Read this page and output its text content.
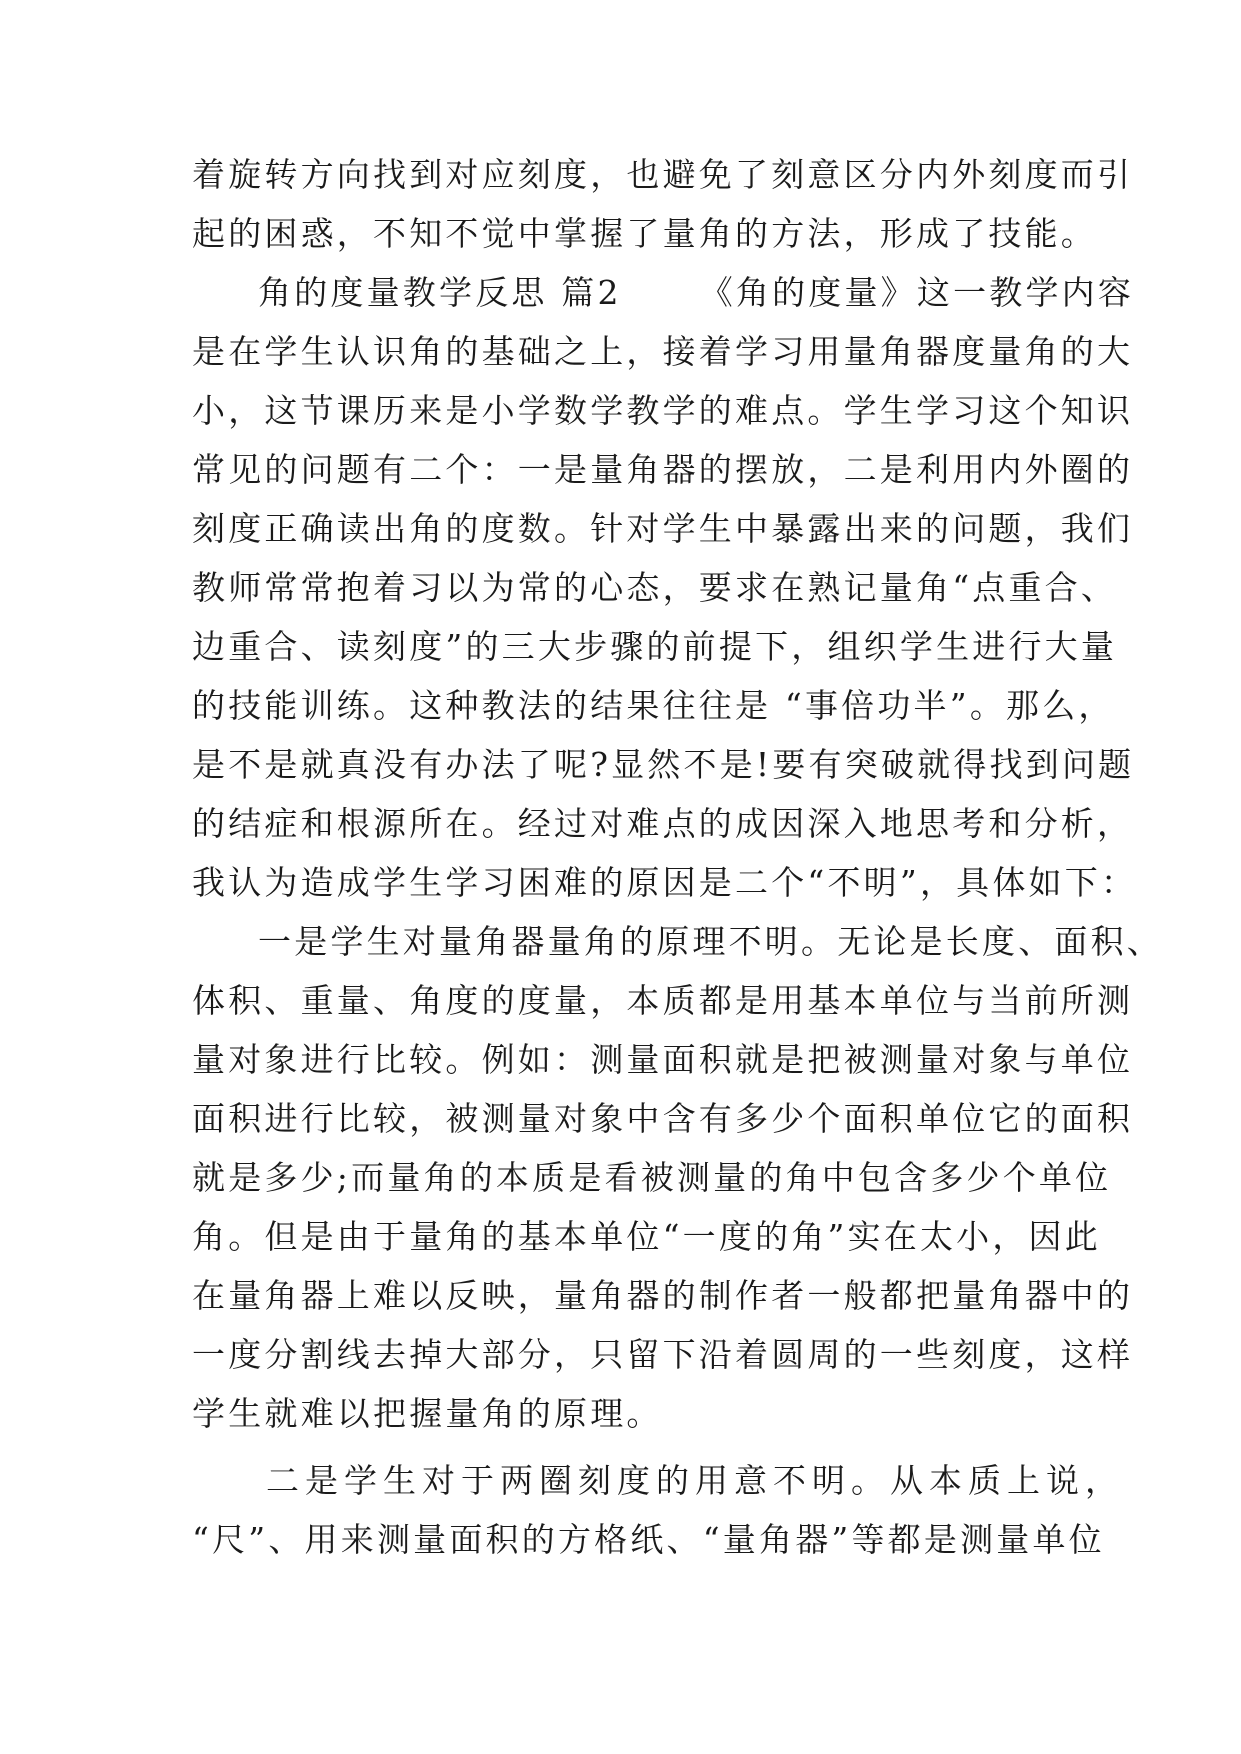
着旋转方向找到对应刻度，也避免了刻意区分内外刻度而引
起的困惑，不知不觉中掌握了量角的方法，形成了技能。
角的度量教学反思 篇2 《角的度量》这一教学内容
是在学生认识角的基础之上，接着学习用量角器度量角的大
小，这节课历来是小学数学教学的难点。学生学习这个知识
常见的问题有二个：一是量角器的摆放，二是利用内外圈的
刻度正确读出角的度数。针对学生中暴露出来的问题，我们
教师常常抱着习以为常的心态，要求在熟记量角“点重合、
边重合、读刻度”的三大步骤的前提下，组织学生进行大量
的技能训练。这种教法的结果往往是 “事倍功半”。那么，
是不是就真没有办法了呢?显然不是!要有突破就得找到问题
的结症和根源所在。经过对难点的成因深入地思考和分析，
我认为造成学生学习困难的原因是二个“不明”，具体如下：
一是学生对量角器量角的原理不明。无论是长度、面积、
体积、重量、角度的度量，本质都是用基本单位与当前所测
量对象进行比较。例如：测量面积就是把被测量对象与单位
面积进行比较，被测量对象中含有多少个面积单位它的面积
就是多少;而量角的本质是看被测量的角中包含多少个单位
角。但是由于量角的基本单位“一度的角”实在太小，因此
在量角器上难以反映，量角器的制作者一般都把量角器中的
一度分割线去掉大部分，只留下沿着圆周的一些刻度，这样
学生就难以把握量角的原理。
二是学生对于两圈刻度的用意不明。从本质上说，
“尺”、用来测量面积的方格纸、“量角器”等都是测量单位
